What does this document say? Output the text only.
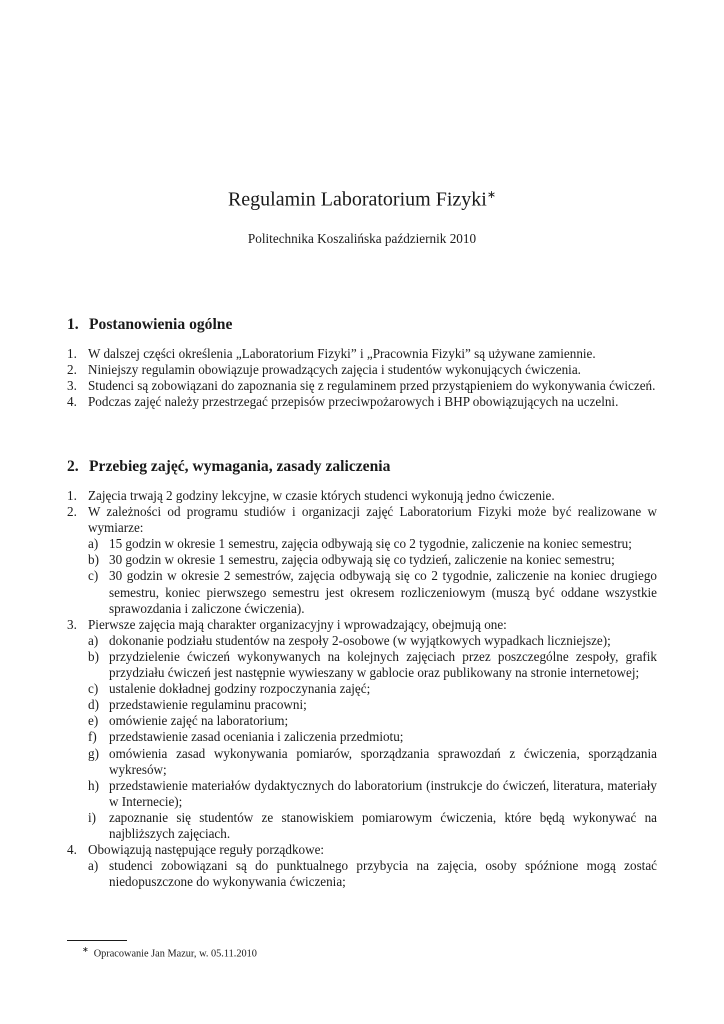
Regulamin Laboratorium Fizyki∗
Politechnika Koszalińska październik 2010
1. Postanowienia ogólne
1. W dalszej części określenia „Laboratorium Fizyki” i „Pracownia Fizyki” są używane zamiennie.
2. Niniejszy regulamin obowiązuje prowadzących zajęcia i studentów wykonujących ćwiczenia.
3. Studenci są zobowiązani do zapoznania się z regulaminem przed przystąpieniem do wykonywania ćwiczeń.
4. Podczas zajęć należy przestrzegać przepisów przeciwpożarowych i BHP obowiązujących na uczelni.
2. Przebieg zajęć, wymagania, zasady zaliczenia
1. Zajęcia trwają 2 godziny lekcyjne, w czasie których studenci wykonują jedno ćwiczenie.
2. W zależności od programu studiów i organizacji zajęć Laboratorium Fizyki może być realizowane w wymiarze:
a) 15 godzin w okresie 1 semestru, zajęcia odbywają się co 2 tygodnie, zaliczenie na koniec semestru;
b) 30 godzin w okresie 1 semestru, zajęcia odbywają się co tydzień, zaliczenie na koniec semestru;
c) 30 godzin w okresie 2 semestrów, zajęcia odbywają się co 2 tygodnie, zaliczenie na koniec drugiego semestru, koniec pierwszego semestru jest okresem rozliczeniowym (muszą być oddane wszystkie sprawozdania i zaliczone ćwiczenia).
3. Pierwsze zajęcia mają charakter organizacyjny i wprowadzający, obejmują one:
a) dokonanie podziału studentów na zespoły 2-osobowe (w wyjątkowych wypadkach liczniejsze);
b) przydzielenie ćwiczeń wykonywanych na kolejnych zajęciach przez poszczególne zespoły, grafik przydziału ćwiczeń jest następnie wywieszany w gablocie oraz publikowany na stronie internetowej;
c) ustalenie dokładnej godziny rozpoczynania zajęć;
d) przedstawienie regulaminu pracowni;
e) omówienie zajęć na laboratorium;
f) przedstawienie zasad oceniania i zaliczenia przedmiotu;
g) omówienia zasad wykonywania pomiarów, sporządzania sprawozdań z ćwiczenia, sporządzania wykresów;
h) przedstawienie materiałów dydaktycznych do laboratorium (instrukcje do ćwiczeń, literatura, materiały w Internecie);
i) zapoznanie się studentów ze stanowiskiem pomiarowym ćwiczenia, które będą wykonywać na najbliższych zajęciach.
4. Obowiązują następujące reguły porządkowe:
a) studenci zobowiązani są do punktualnego przybycia na zajęcia, osoby spóźnione mogą zostać niedopuszczone do wykonywania ćwiczenia;
∗ Opracowanie Jan Mazur, w. 05.11.2010
